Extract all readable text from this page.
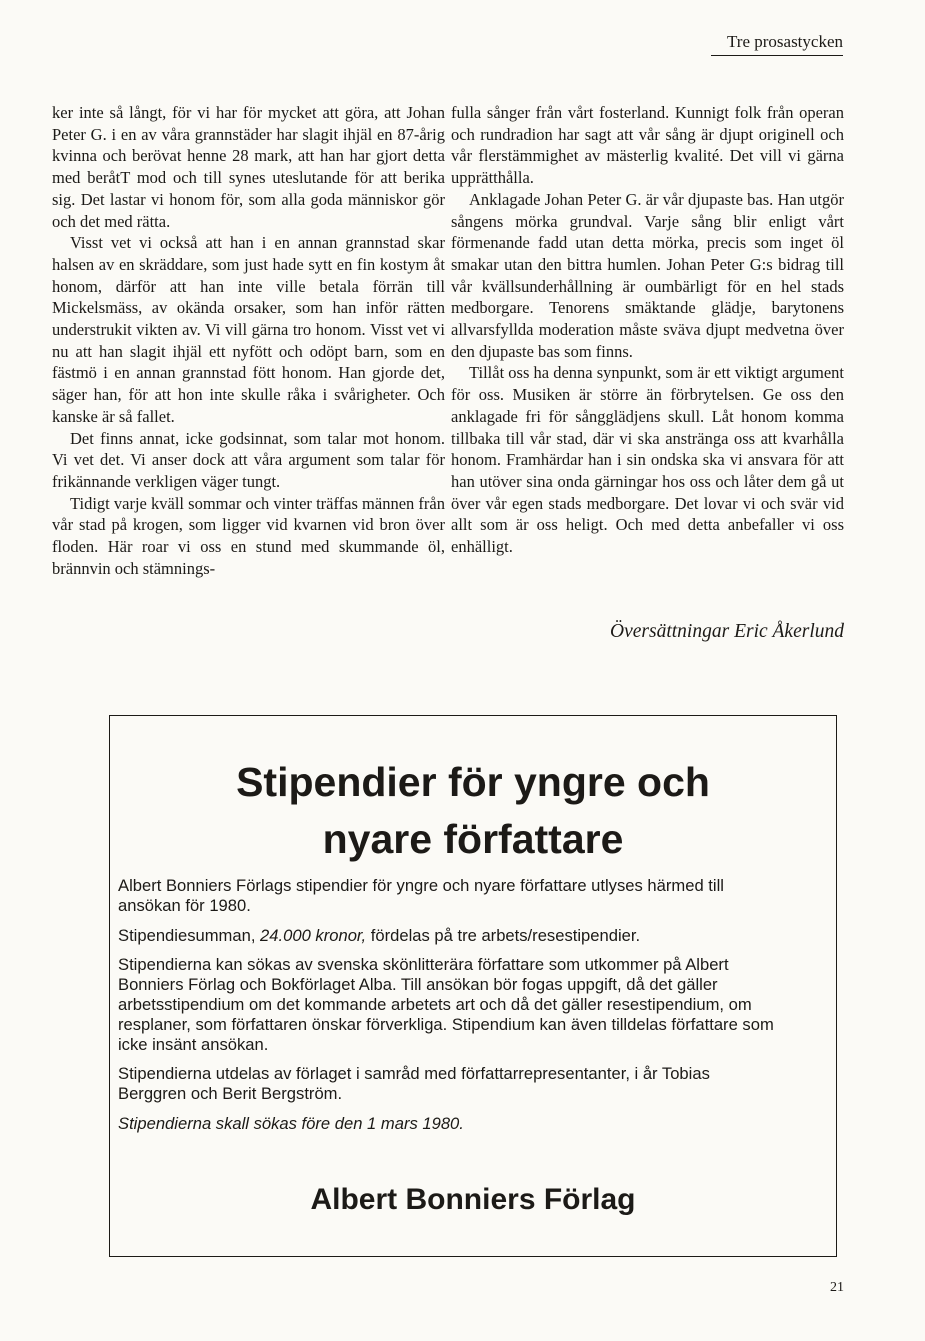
Tre prosastycken

ker inte så långt, för vi har för mycket att göra, att Johan Peter G. i en av våra grannstäder har slagit ihjäl en 87-årig kvinna och berövat henne 28 mark, att han har gjort detta med beråtT mod och till synes uteslutande för att berika sig. Det lastar vi honom för, som alla goda människor gör och det med rätta.

Visst vet vi också att han i en annan grannstad skar halsen av en skräddare, som just hade sytt en fin kostym åt honom, därför att han inte ville betala förrän till Mickelsmäss, av okända orsaker, som han inför rätten understrukit vikten av. Vi vill gärna tro honom. Visst vet vi nu att han slagit ihjäl ett nyfött och odöpt barn, som en fästmö i en annan grannstad fött honom. Han gjorde det, säger han, för att hon inte skulle råka i svårigheter. Och kanske är så fallet.

Det finns annat, icke godsinnat, som talar mot honom. Vi vet det. Vi anser dock att våra argument som talar för frikännande verkligen väger tungt.

Tidigt varje kväll sommar och vinter träffas männen från vår stad på krogen, som ligger vid kvarnen vid bron över floden. Här roar vi oss en stund med skummande öl, brännvin och stämnings-

fulla sånger från vårt fosterland. Kunnigt folk från operan och rundradion har sagt att vår sång är djupt originell och vår flerstämmighet av mästerlig kvalité. Det vill vi gärna upprätthålla.

Anklagade Johan Peter G. är vår djupaste bas. Han utgör sångens mörka grundval. Varje sång blir enligt vårt förmenande fadd utan detta mörka, precis som inget öl smakar utan den bittra humlen. Johan Peter G:s bidrag till vår kvällsunderhållning är oumbärligt för en hel stads medborgare. Tenorens smäktande glädje, barytonens allvarsfyllda moderation måste sväva djupt medvetna över den djupaste bas som finns.

Tillåt oss ha denna synpunkt, som är ett viktigt argument för oss. Musiken är större än förbrytelsen. Ge oss den anklagade fri för sångglädjens skull. Låt honom komma tillbaka till vår stad, där vi ska anstränga oss att kvarhålla honom. Framhärdar han i sin ondska ska vi ansvara för att han utöver sina onda gärningar hos oss och låter dem gå ut över vår egen stads medborgare. Det lovar vi och svär vid allt som är oss heligt. Och med detta anbefaller vi oss enhälligt.

Översättningar Eric Åkerlund
Stipendier för yngre och
nyare författare

Albert Bonniers Förlags stipendier för yngre och nyare författare utlyses härmed till ansökan för 1980.

Stipendiesumman, 24.000 kronor, fördelas på tre arbets/resestipendier.

Stipendierna kan sökas av svenska skönlitterära författare som utkommer på Albert Bonniers Förlag och Bokförlaget Alba. Till ansökan bör fogas uppgift, då det gäller arbetsstipendium om det kommande arbetets art och då det gäller resestipendium, om resplaner, som författaren önskar förverkliga. Stipendium kan även tilldelas författare som icke insänt ansökan.

Stipendierna utdelas av förlaget i samråd med författarrepresentanter, i år Tobias Berggren och Berit Bergström.

Stipendierna skall sökas före den 1 mars 1980.

Albert Bonniers Förlag
21
